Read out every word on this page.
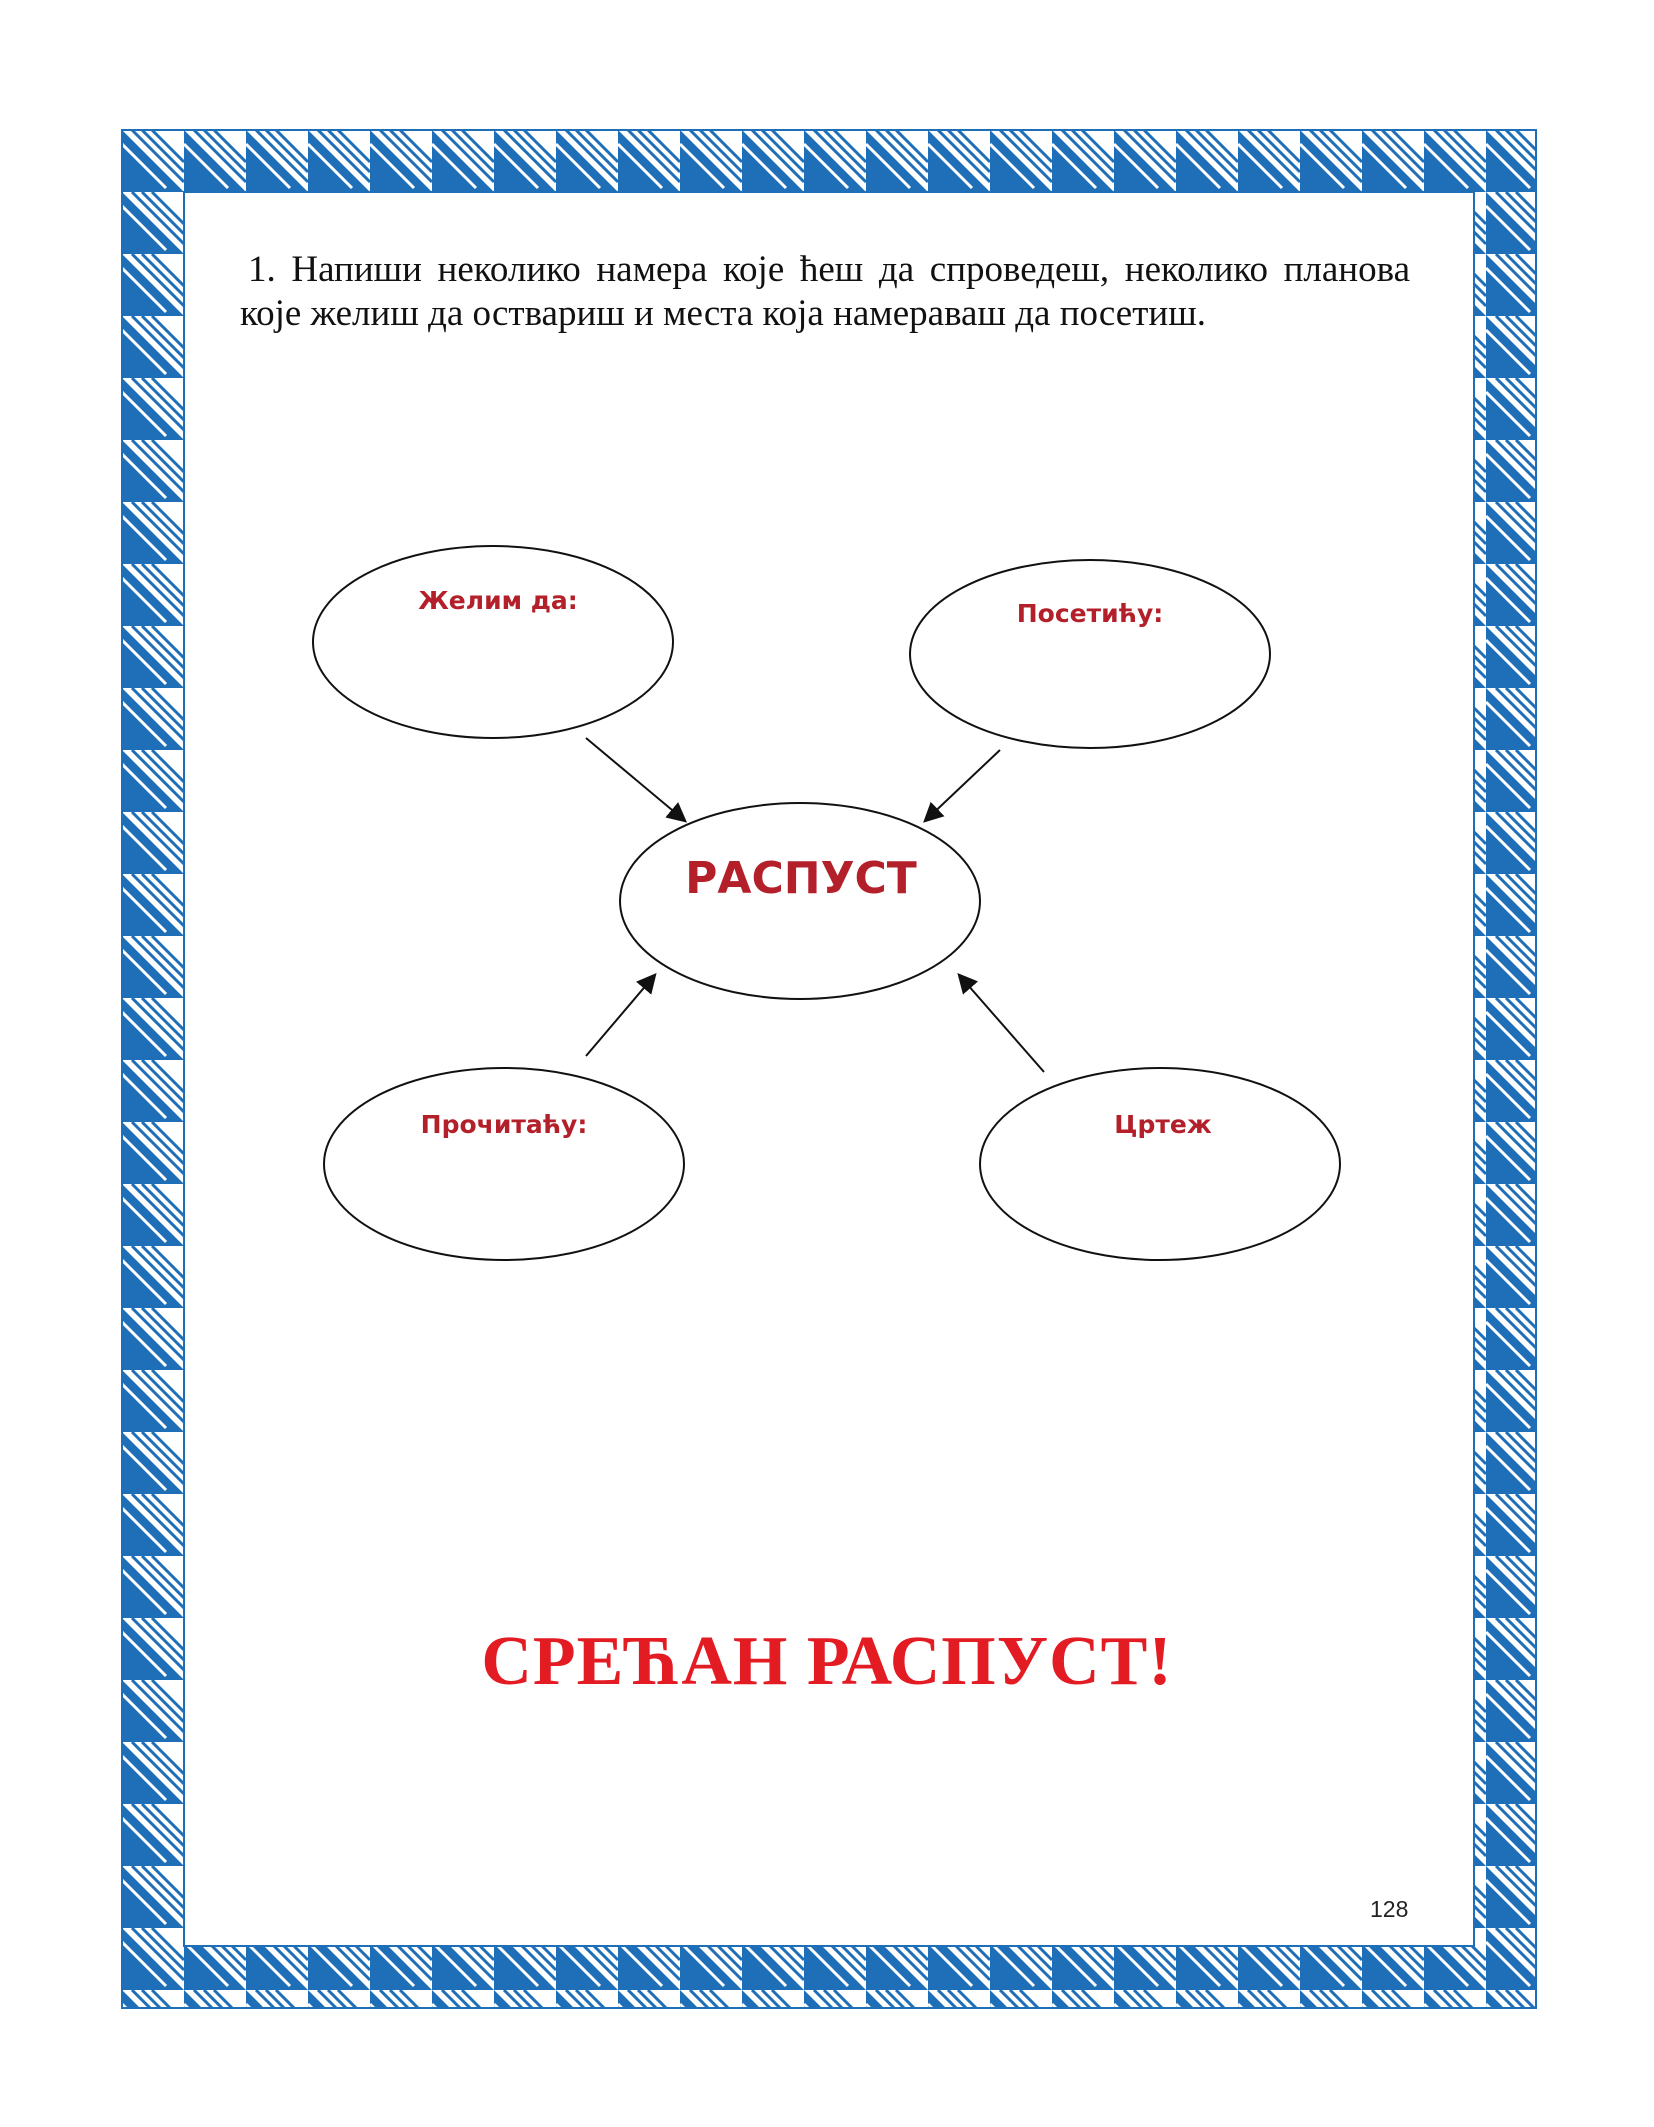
1. Напиши неколико намера које ћеш да спроведеш, неколико планова које желиш да оствариш и места која намераваш да посетиш.

Желим да:	Посетићу:
РАСПУСТ
Прочитаћу:	Цртеж

СРЕЋАН РАСПУСТ!

128
